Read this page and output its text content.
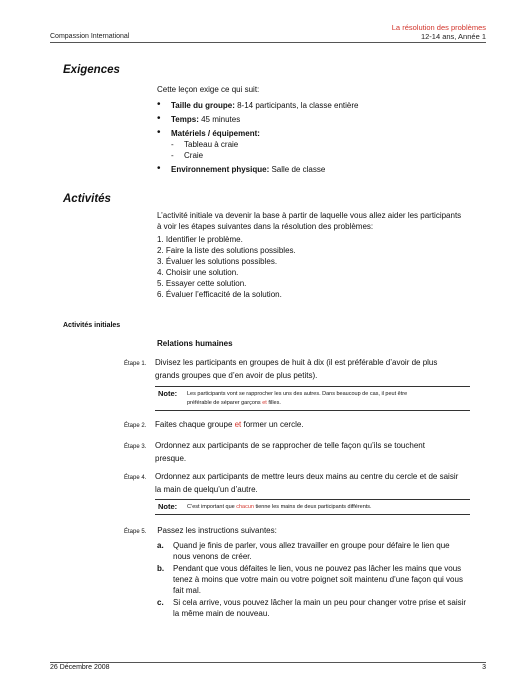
Compassion International
La résolution des problèmes
12-14 ans, Année 1
Exigences

Cette leçon exige ce qui suit:

• Taille du groupe: 8-14 participants, la classe entière
• Temps: 45 minutes
• Matériels / équipement:
- Tableau à craie
- Craie
• Environnement physique: Salle de classe
Activités

L’activité initiale va devenir la base à partir de laquelle vous allez aider les participants à voir les étapes suivantes dans la résolution des problèmes:

1. Identifier le problème.

2. Faire la liste des solutions possibles.

3. Évaluer les solutions possibles.

4. Choisir une solution.

5. Essayer cette solution.

6. Évaluer l’efficacité de la solution.

Activités initiales
Relations humaines
Étape 1. Divisez les participants en groupes de huit à dix (il est préférable d’avoir de plus
grands groupes que d’en avoir de plus petits).
Note: Les participants vont se rapprocher les uns des autres. Dans beaucoup de cas, il peut être
préférable de séparer garçons et filles.
Étape 2. Faites chaque groupe et former un cercle.
Étape 3. Ordonnez aux participants de se rapprocher de telle façon qu’ils se touchent
presque.
Étape 4. Ordonnez aux participants de mettre leurs deux mains au centre du cercle et de saisir
la main de quelqu’un d’autre.
Note: C’est important que chacun tienne les mains de deux participants différents.
Étape 5. Passez les instructions suivantes:
a. Quand je finis de parler, vous allez travailler en groupe pour défaire le lien que nous venons de créer.
b. Pendant que vous défaites le lien, vous ne pouvez pas lâcher les mains que vous tenez à moins que votre main ou votre poignet soit maintenu d’une façon qui vous fait mal.
c. Si cela arrive, vous pouvez lâcher la main un peu pour changer votre prise et saisir la même main de nouveau.
26 Décembre 2008	3
